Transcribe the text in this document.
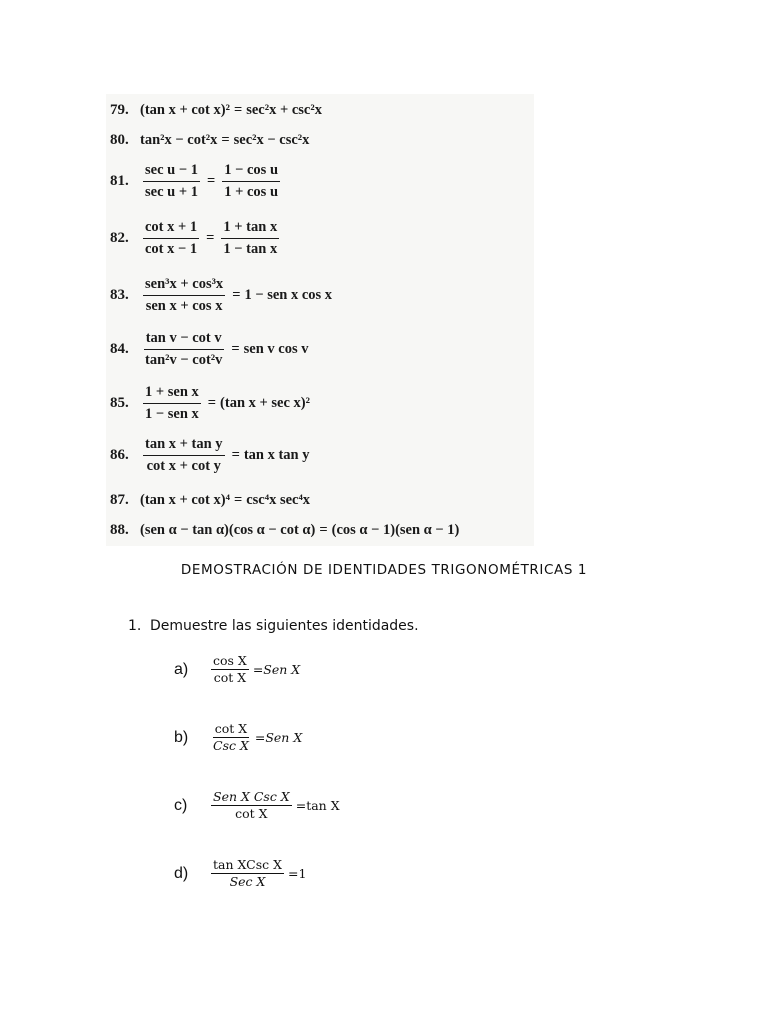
79. (tan x + cot x)² = sec²x + csc²x
80. tan²x − cot²x = sec²x − csc²x
81. $\frac{\text{sec u − 1}}{\text{sec u + 1}} = \frac{\text{1 − cos u}}{\text{1 + cos u}}$
82. $\frac{\text{cot x + 1}}{\text{cot x − 1}} = \frac{\text{1 + tan x}}{\text{1 − tan x}}$
83. $\frac{\text{sen³x + cos³x}}{\text{sen x + cos x}} = 1$ − sen x cos x
84. $\frac{\text{tan v − cot v}}{\text{tan²v − cot²v}}$ = sen v cos v
85. $\frac{\text{1 + sen x}}{\text{1 − sen x}} = (\tan$ x + sec x)²
86. $\frac{\text{tan x + tan y}}{\text{cot x + cot y}} = \tan x$ tan y
87. (tan x + cot x)⁴ = csc⁴x sec⁴x
88. (sen α − tan α)(cos α − cot α) = (cos α − 1)(sen α − 1)
DEMOSTRACIÓN DE IDENTIDADES TRIGONOMÉTRICAS 1
1. Demuestre las siguientes identidades.
a)	$\frac{\text{cos X}}{\text{cot X}} =Sen$ X
b)	$\frac{\text{cot X}}{\text{Csc X}} =Sen$ X
c)	$\frac{\text{Sen X Csc X}}{\text{cot X}} =\tan$ X
d)	$\frac{\text{tan XCsc X}}{\text{Sec X}} =1$
